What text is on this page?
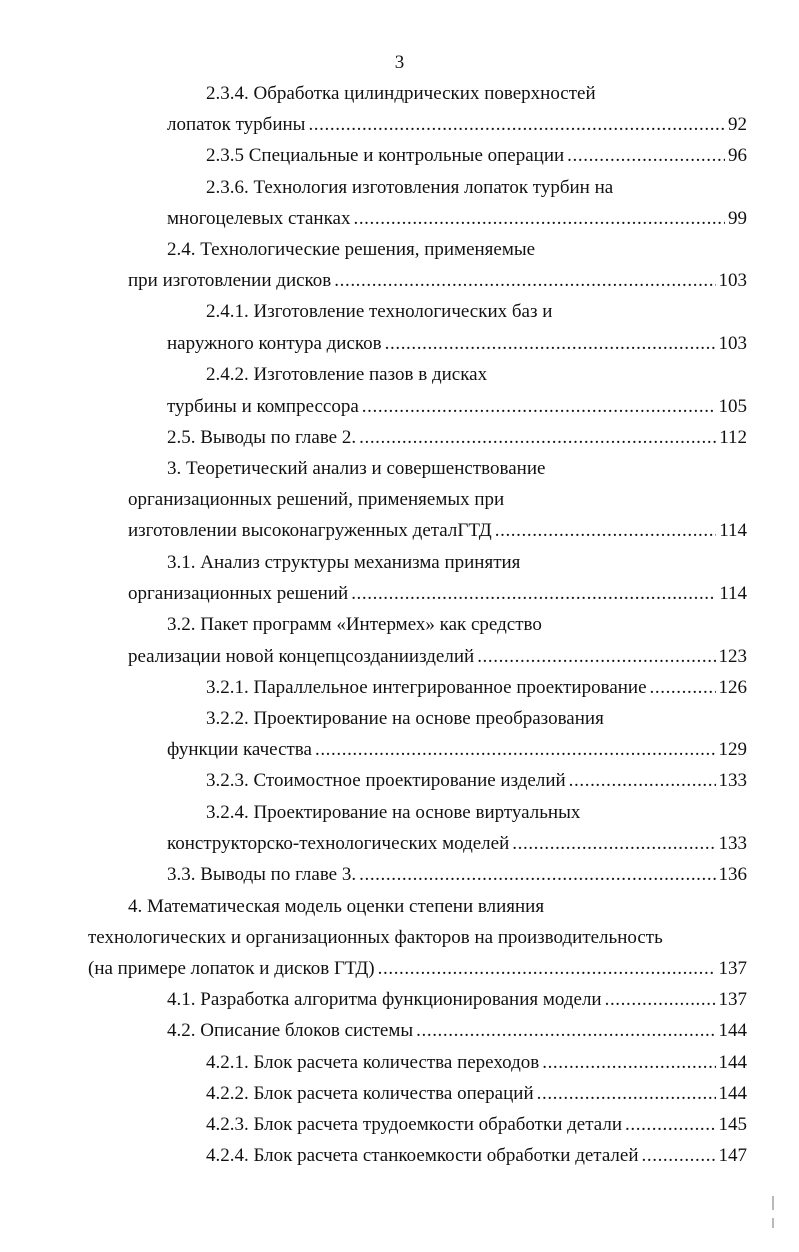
3
2.3.4. Обработка цилиндрических поверхностей
лопаток турбины .....	92
2.3.5 Специальные и контрольные операции .....	96
2.3.6. Технология изготовления лопаток турбин на
многоцелевых станках .....	99
2.4. Технологические решения, применяемые
при изготовлении дисков .....	103
2.4.1. Изготовление технологических баз и
наружного контура дисков .....	103
2.4.2. Изготовление пазов в дисках
турбины и компрессора .....	105
2.5. Выводы по главе 2. .....	112
3. Теоретический анализ и совершенствование
организационных решений, применяемых при
изготовлении высоконагруженных деталГТД .....	114
3.1. Анализ структуры механизма принятия
организационных решений .....	114
3.2. Пакет программ «Интермех» как средство
реализации новой концепцсозданиизделий .....	123
3.2.1. Параллельное интегрированное проектирование .....	126
3.2.2. Проектирование на основе преобразования
функции качества .....	129
3.2.3. Стоимостное проектирование изделий .....	133
3.2.4. Проектирование на основе виртуальных
конструкторско-технологических моделей .....	133
3.3. Выводы по главе 3. .....	136
4. Математическая модель оценки степени влияния
технологических и организационных факторов на производительность
(на примере лопаток и дисков ГТД) .....	137
4.1. Разработка алгоритма функционирования модели .....	137
4.2. Описание блоков системы .....	144
4.2.1. Блок расчета количества переходов .....	144
4.2.2. Блок расчета количества операций .....	144
4.2.3. Блок расчета трудоемкости обработки детали .....	145
4.2.4. Блок расчета станкоемкости обработки деталей .....	147
